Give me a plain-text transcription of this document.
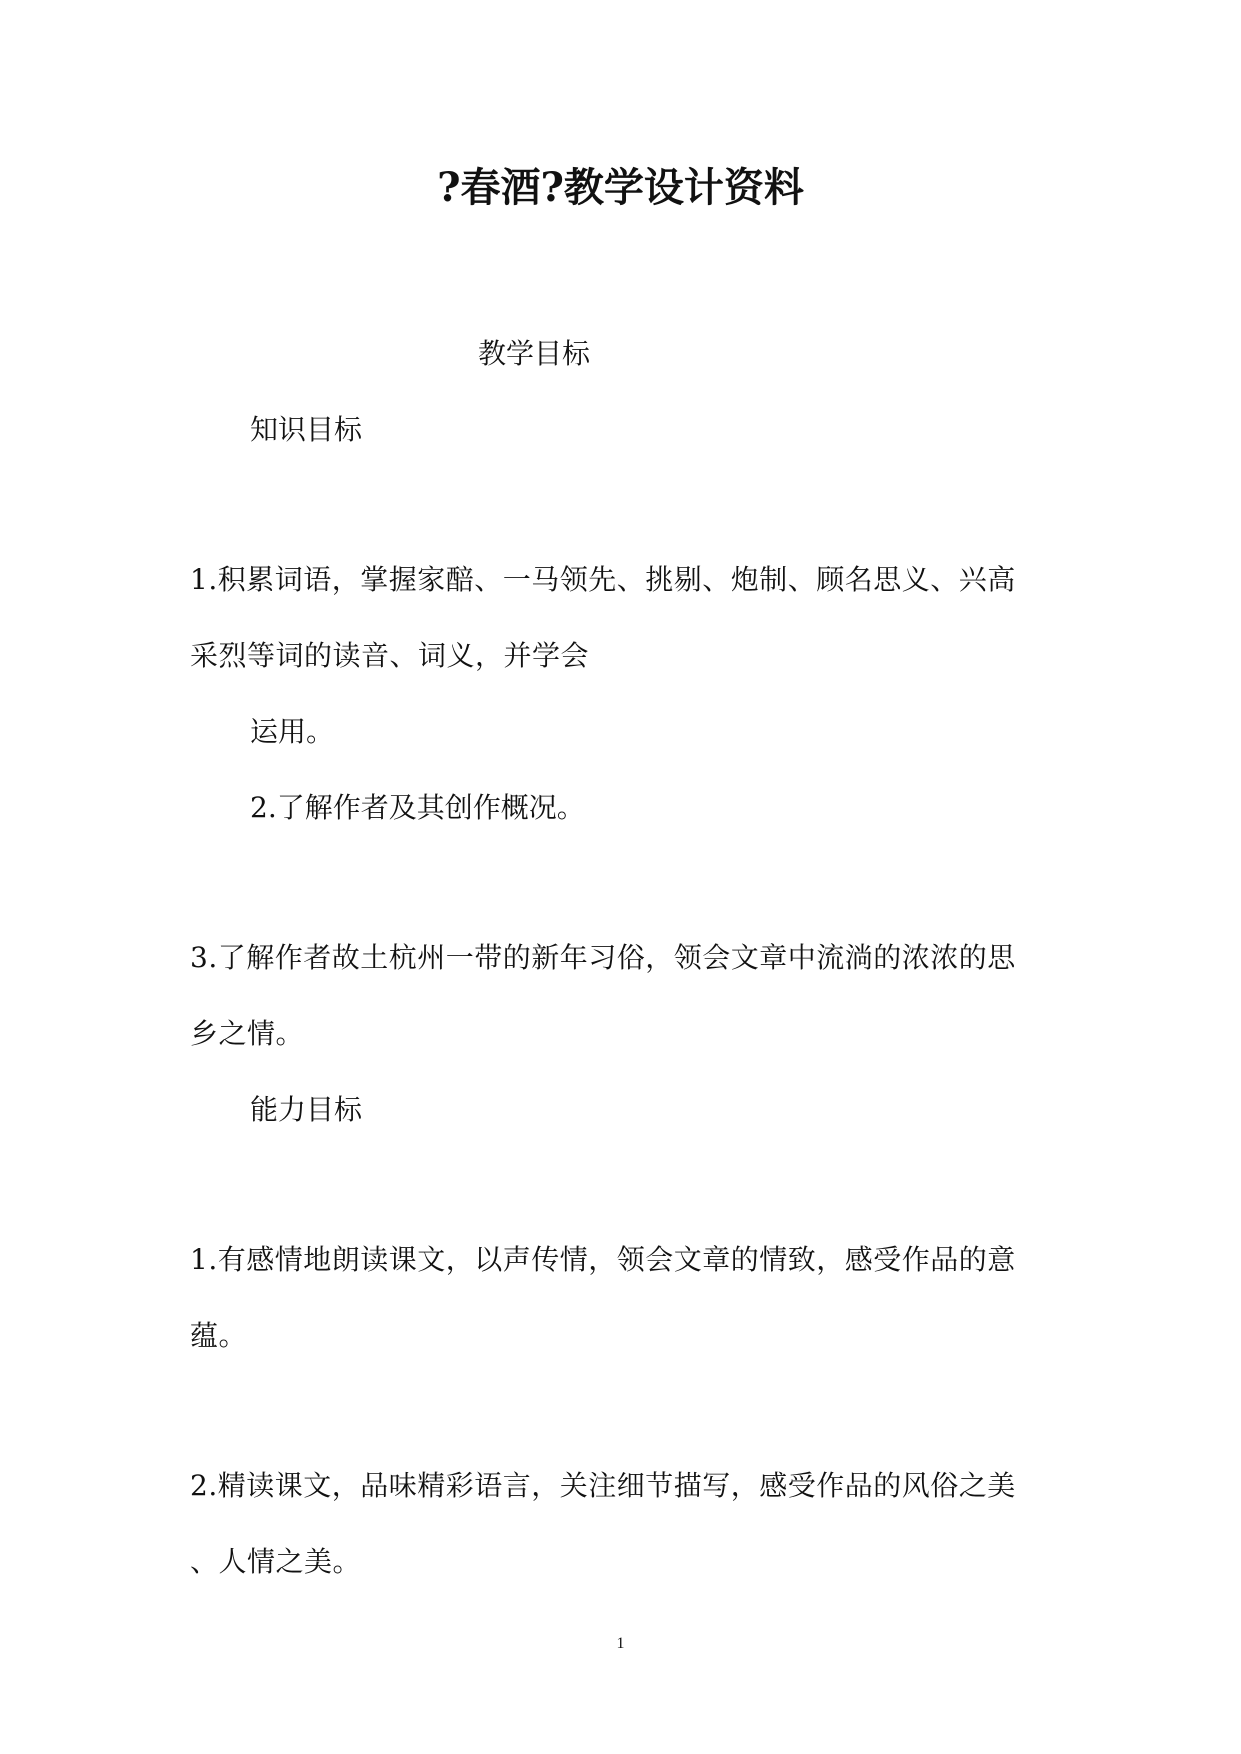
?春酒?教学设计资料
教学目标
知识目标
1.积累词语，掌握家醅、一马领先、挑剔、炮制、顾名思义、兴高
采烈等词的读音、词义，并学会
运用。
2.了解作者及其创作概况。
3.了解作者故土杭州一带的新年习俗，领会文章中流淌的浓浓的思
乡之情。
能力目标
1.有感情地朗读课文，以声传情，领会文章的情致，感受作品的意
蕴。
2.精读课文，品味精彩语言，关注细节描写，感受作品的风俗之美
、人情之美。
1
